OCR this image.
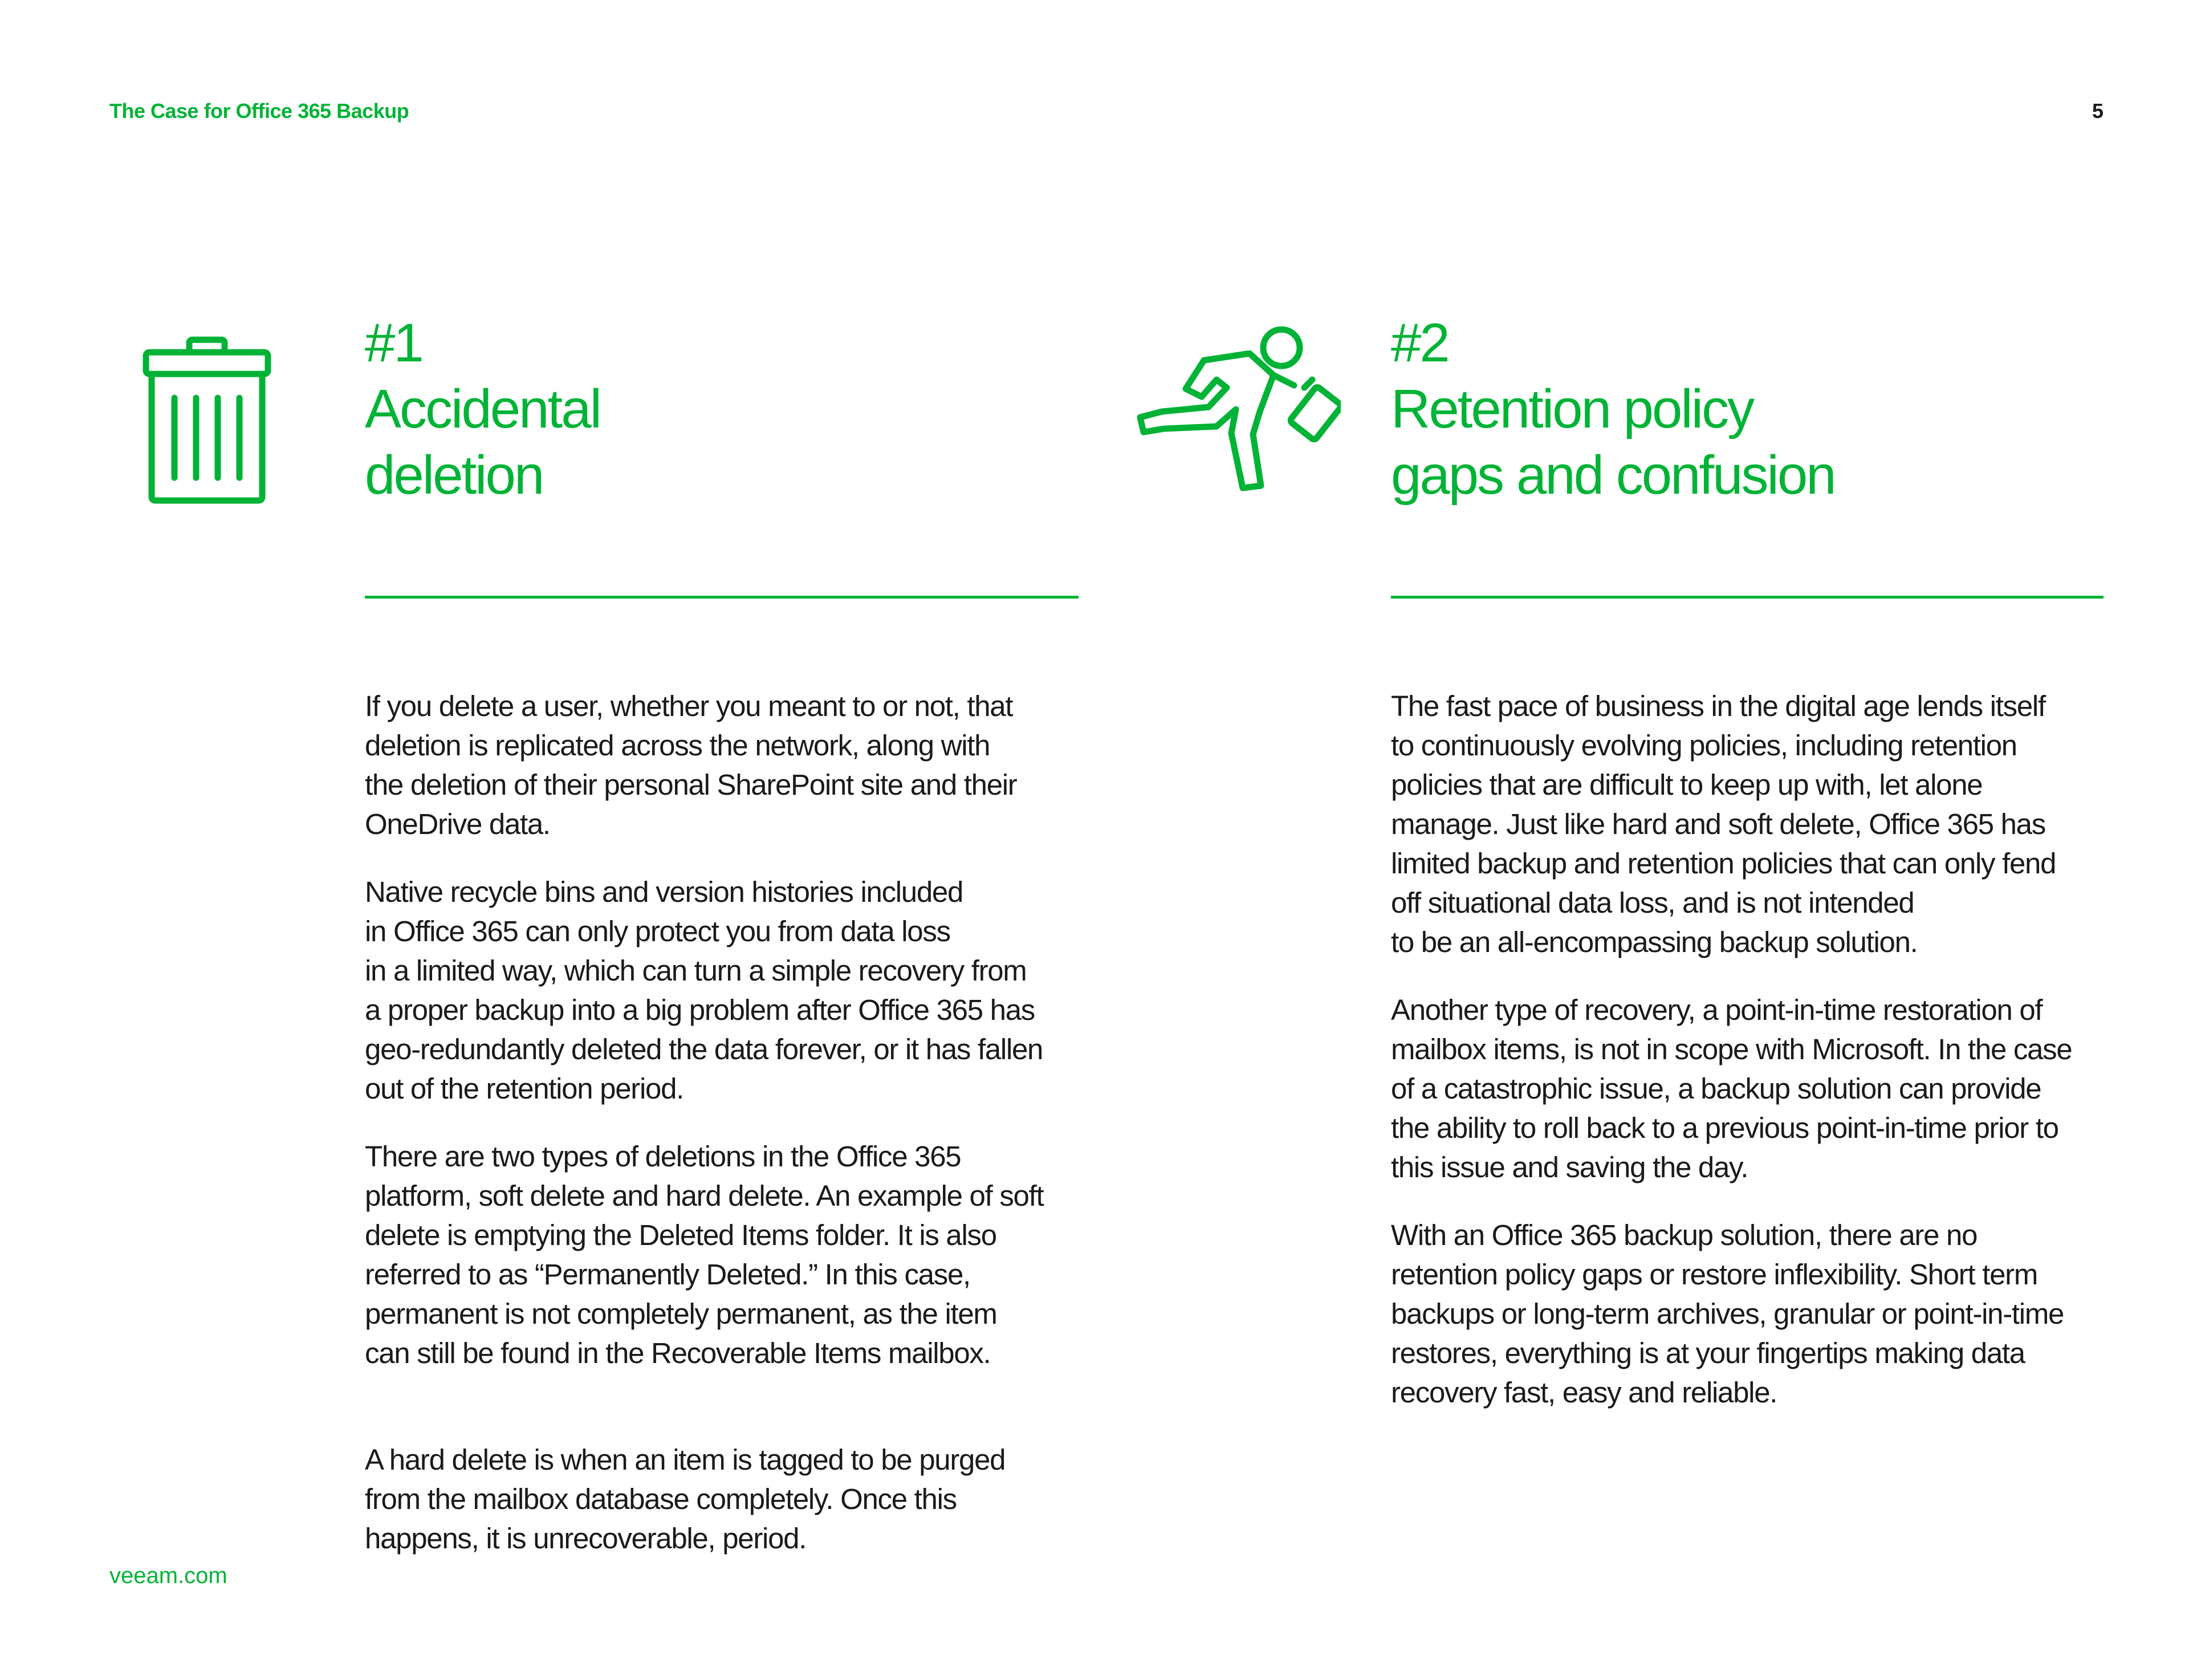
The Case for Office 365 Backup	5
#1
Accidental
deletion

If you delete a user, whether you meant to or not, that
deletion is replicated across the network, along with
the deletion of their personal SharePoint site and their
OneDrive data.

Native recycle bins and version histories included
in Office 365 can only protect you from data loss
in a limited way, which can turn a simple recovery from
a proper backup into a big problem after Office 365 has
geo-redundantly deleted the data forever, or it has fallen
out of the retention period.

There are two types of deletions in the Office 365
platform, soft delete and hard delete. An example of soft
delete is emptying the Deleted Items folder. It is also
referred to as “Permanently Deleted.” In this case,
permanent is not completely permanent, as the item
can still be found in the Recoverable Items mailbox.

A hard delete is when an item is tagged to be purged
from the mailbox database completely. Once this
happens, it is unrecoverable, period.

#2
Retention policy
gaps and confusion

The fast pace of business in the digital age lends itself
to continuously evolving policies, including retention
policies that are difficult to keep up with, let alone
manage. Just like hard and soft delete, Office 365 has
limited backup and retention policies that can only fend
off situational data loss, and is not intended
to be an all-encompassing backup solution.

Another type of recovery, a point-in-time restoration of
mailbox items, is not in scope with Microsoft. In the case
of a catastrophic issue, a backup solution can provide
the ability to roll back to a previous point-in-time prior to
this issue and saving the day.

With an Office 365 backup solution, there are no
retention policy gaps or restore inflexibility. Short term
backups or long-term archives, granular or point-in-time
restores, everything is at your fingertips making data
recovery fast, easy and reliable.

veeam.com
